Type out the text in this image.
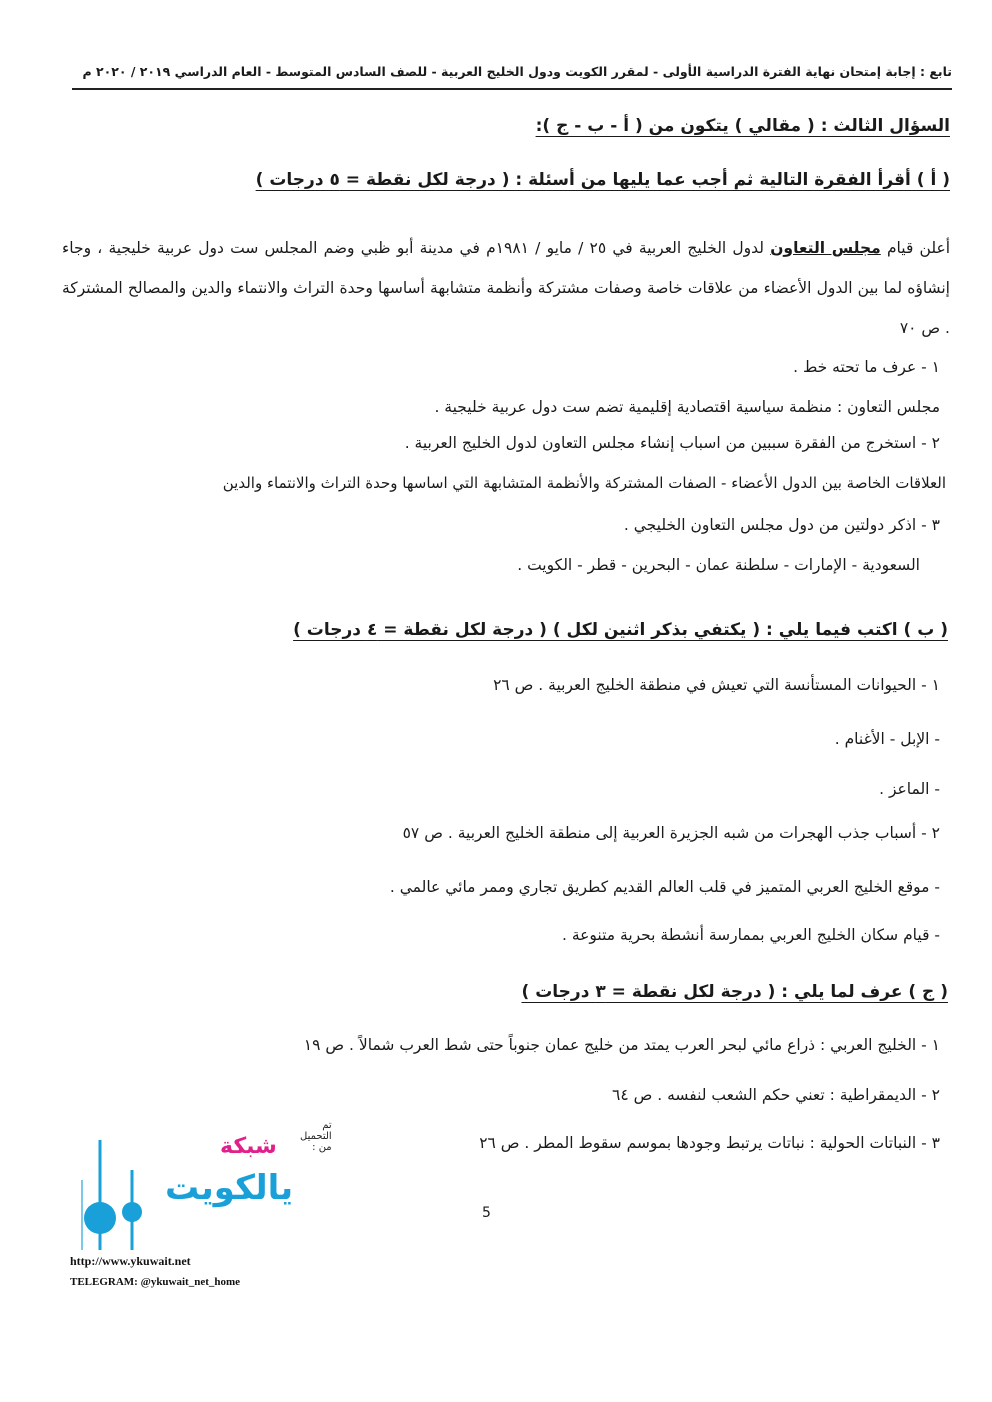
تابع : إجابة إمتحان نهاية الفترة الدراسية الأولى - لمقرر الكويت ودول الخليج العربية - للصف السادس المتوسط - العام الدراسي ٢٠١٩ / ٢٠٢٠ م
السؤال الثالث : ( مقالي ) يتكون من ( أ - ب - ج ):
( أ ) أقرأ الفقرة التالية ثم أجب عما يليها من أسئلة : ( درجة لكل نقطة = ٥ درجات )
أعلن قيام مجلس التعاون لدول الخليج العربية في ٢٥ / مايو / ١٩٨١م في مدينة أبو ظبي وضم المجلس ست دول عربية خليجية ، وجاء إنشاؤه لما بين الدول الأعضاء من علاقات خاصة وصفات مشتركة وأنظمة متشابهة أساسها وحدة التراث والانتماء والدين والمصالح المشتركة . ص ٧٠
١ - عرف ما تحته خط .
مجلس التعاون : منظمة سياسية اقتصادية إقليمية تضم ست دول عربية خليجية .
٢ - استخرج من الفقرة سببين من اسباب إنشاء مجلس التعاون لدول الخليج العربية .
العلاقات الخاصة بين الدول الأعضاء - الصفات المشتركة والأنظمة المتشابهة التي اساسها وحدة التراث والانتماء والدين
٣ - اذكر دولتين من دول مجلس التعاون الخليجي .
السعودية - الإمارات - سلطنة عمان - البحرين - قطر - الكويت .
( ب ) اكتب فيما يلي : ( يكتفي بذكر اثنين لكل ) ( درجة لكل نقطة = ٤ درجات )
١ - الحيوانات المستأنسة التي تعيش في منطقة الخليج العربية . ص ٢٦
- الإبل - الأغنام .
- الماعز .
٢ - أسباب جذب الهجرات من شبه الجزيرة العربية إلى منطقة الخليج العربية . ص ٥٧
- موقع الخليج العربي المتميز في قلب العالم القديم كطريق تجاري وممر مائي عالمي .
- قيام سكان الخليج العربي بممارسة أنشطة بحرية متنوعة .
( ج ) عرف لما يلي : ( درجة لكل نقطة = ٣ درجات )
١ - الخليج العربي : ذراع مائي لبحر العرب يمتد من خليج عمان جنوباً حتى شط العرب شمالاً . ص ١٩
٢ - الديمقراطية : تعني حكم الشعب لنفسه . ص ٦٤
٣ - النباتات الحولية : نباتات يرتبط وجودها بموسم سقوط المطر . ص ٢٦
5
تم التحميل من :
شبكة
يالكويت
http://www.ykuwait.net
TELEGRAM: @ykuwait_net_home
